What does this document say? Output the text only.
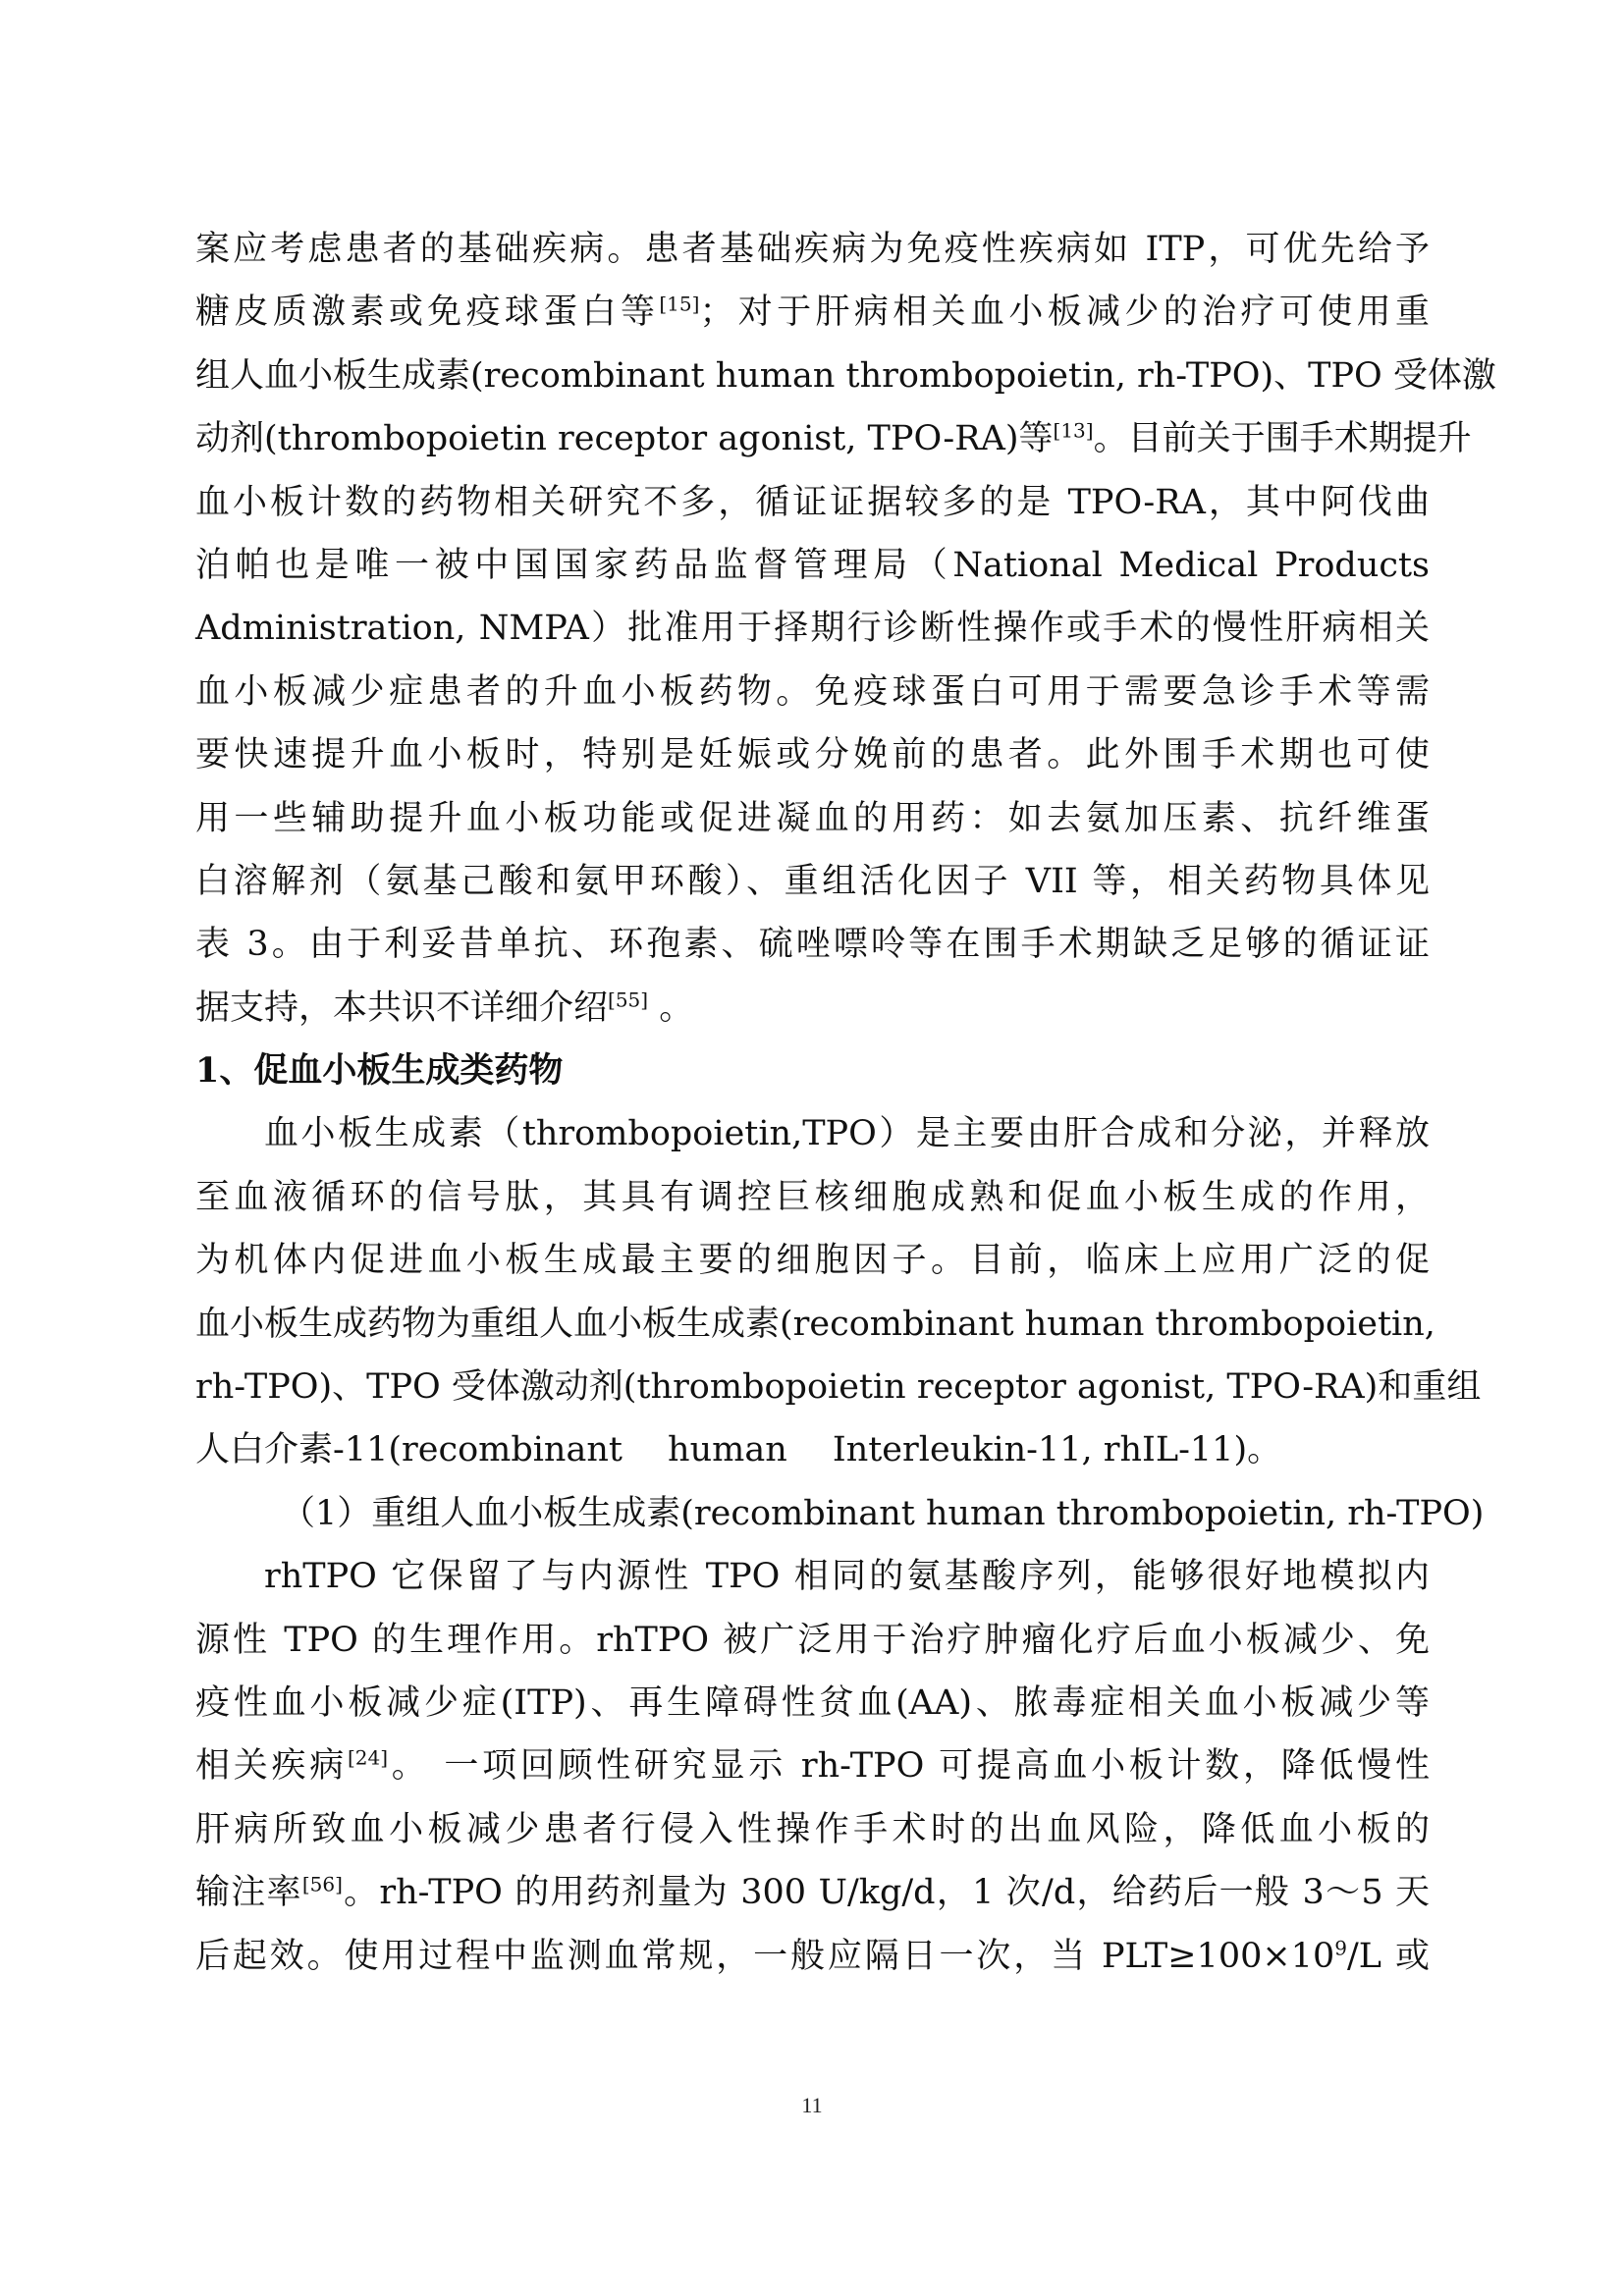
案应考虑患者的基础疾病。患者基础疾病为免疫性疾病如 ITP，可优先给予
糖皮质激素或免疫球蛋白等[15]；对于肝病相关血小板减少的治疗可使用重
组人血小板生成素(recombinant human thrombopoietin, rh-TPO)、TPO 受体激
动剂(thrombopoietin receptor agonist, TPO-RA)等[13]。目前关于围手术期提升
血小板计数的药物相关研究不多，循证证据较多的是 TPO-RA，其中阿伐曲
泊帕也是唯一被中国国家药品监督管理局（National Medical Products
Administration, NMPA）批准用于择期行诊断性操作或手术的慢性肝病相关
血小板减少症患者的升血小板药物。免疫球蛋白可用于需要急诊手术等需
要快速提升血小板时，特别是妊娠或分娩前的患者。此外围手术期也可使
用一些辅助提升血小板功能或促进凝血的用药：如去氨加压素、抗纤维蛋
白溶解剂（氨基己酸和氨甲环酸）、重组活化因子 VII 等，相关药物具体见
表 3。由于利妥昔单抗、环孢素、硫唑嘌呤等在围手术期缺乏足够的循证证
据支持，本共识不详细介绍[55] 。
1、促血小板生成类药物
血小板生成素（thrombopoietin,TPO）是主要由肝合成和分泌，并释放
至血液循环的信号肽，其具有调控巨核细胞成熟和促血小板生成的作用，
为机体内促进血小板生成最主要的细胞因子。目前，临床上应用广泛的促
血小板生成药物为重组人血小板生成素(recombinant human thrombopoietin,
rh-TPO)、TPO 受体激动剂(thrombopoietin receptor agonist, TPO-RA)和重组
人白介素-11(recombinant　 human　 Interleukin-11, rhIL-11)。
（1）重组人血小板生成素(recombinant human thrombopoietin, rh-TPO)
rhTPO 它保留了与内源性 TPO 相同的氨基酸序列，能够很好地模拟内
源性 TPO 的生理作用。rhTPO 被广泛用于治疗肿瘤化疗后血小板减少、免
疫性血小板减少症(ITP)、再生障碍性贫血(AA)、脓毒症相关血小板减少等
相关疾病[24]。 一项回顾性研究显示 rh-TPO 可提高血小板计数，降低慢性
肝病所致血小板减少患者行侵入性操作手术时的出血风险，降低血小板的
输注率[56]。rh-TPO 的用药剂量为 300 U/kg/d，1 次/d，给药后一般 3～5 天
后起效。使用过程中监测血常规，一般应隔日一次，当 $PLT\ge 100\times 10^9/L$ 或
11
